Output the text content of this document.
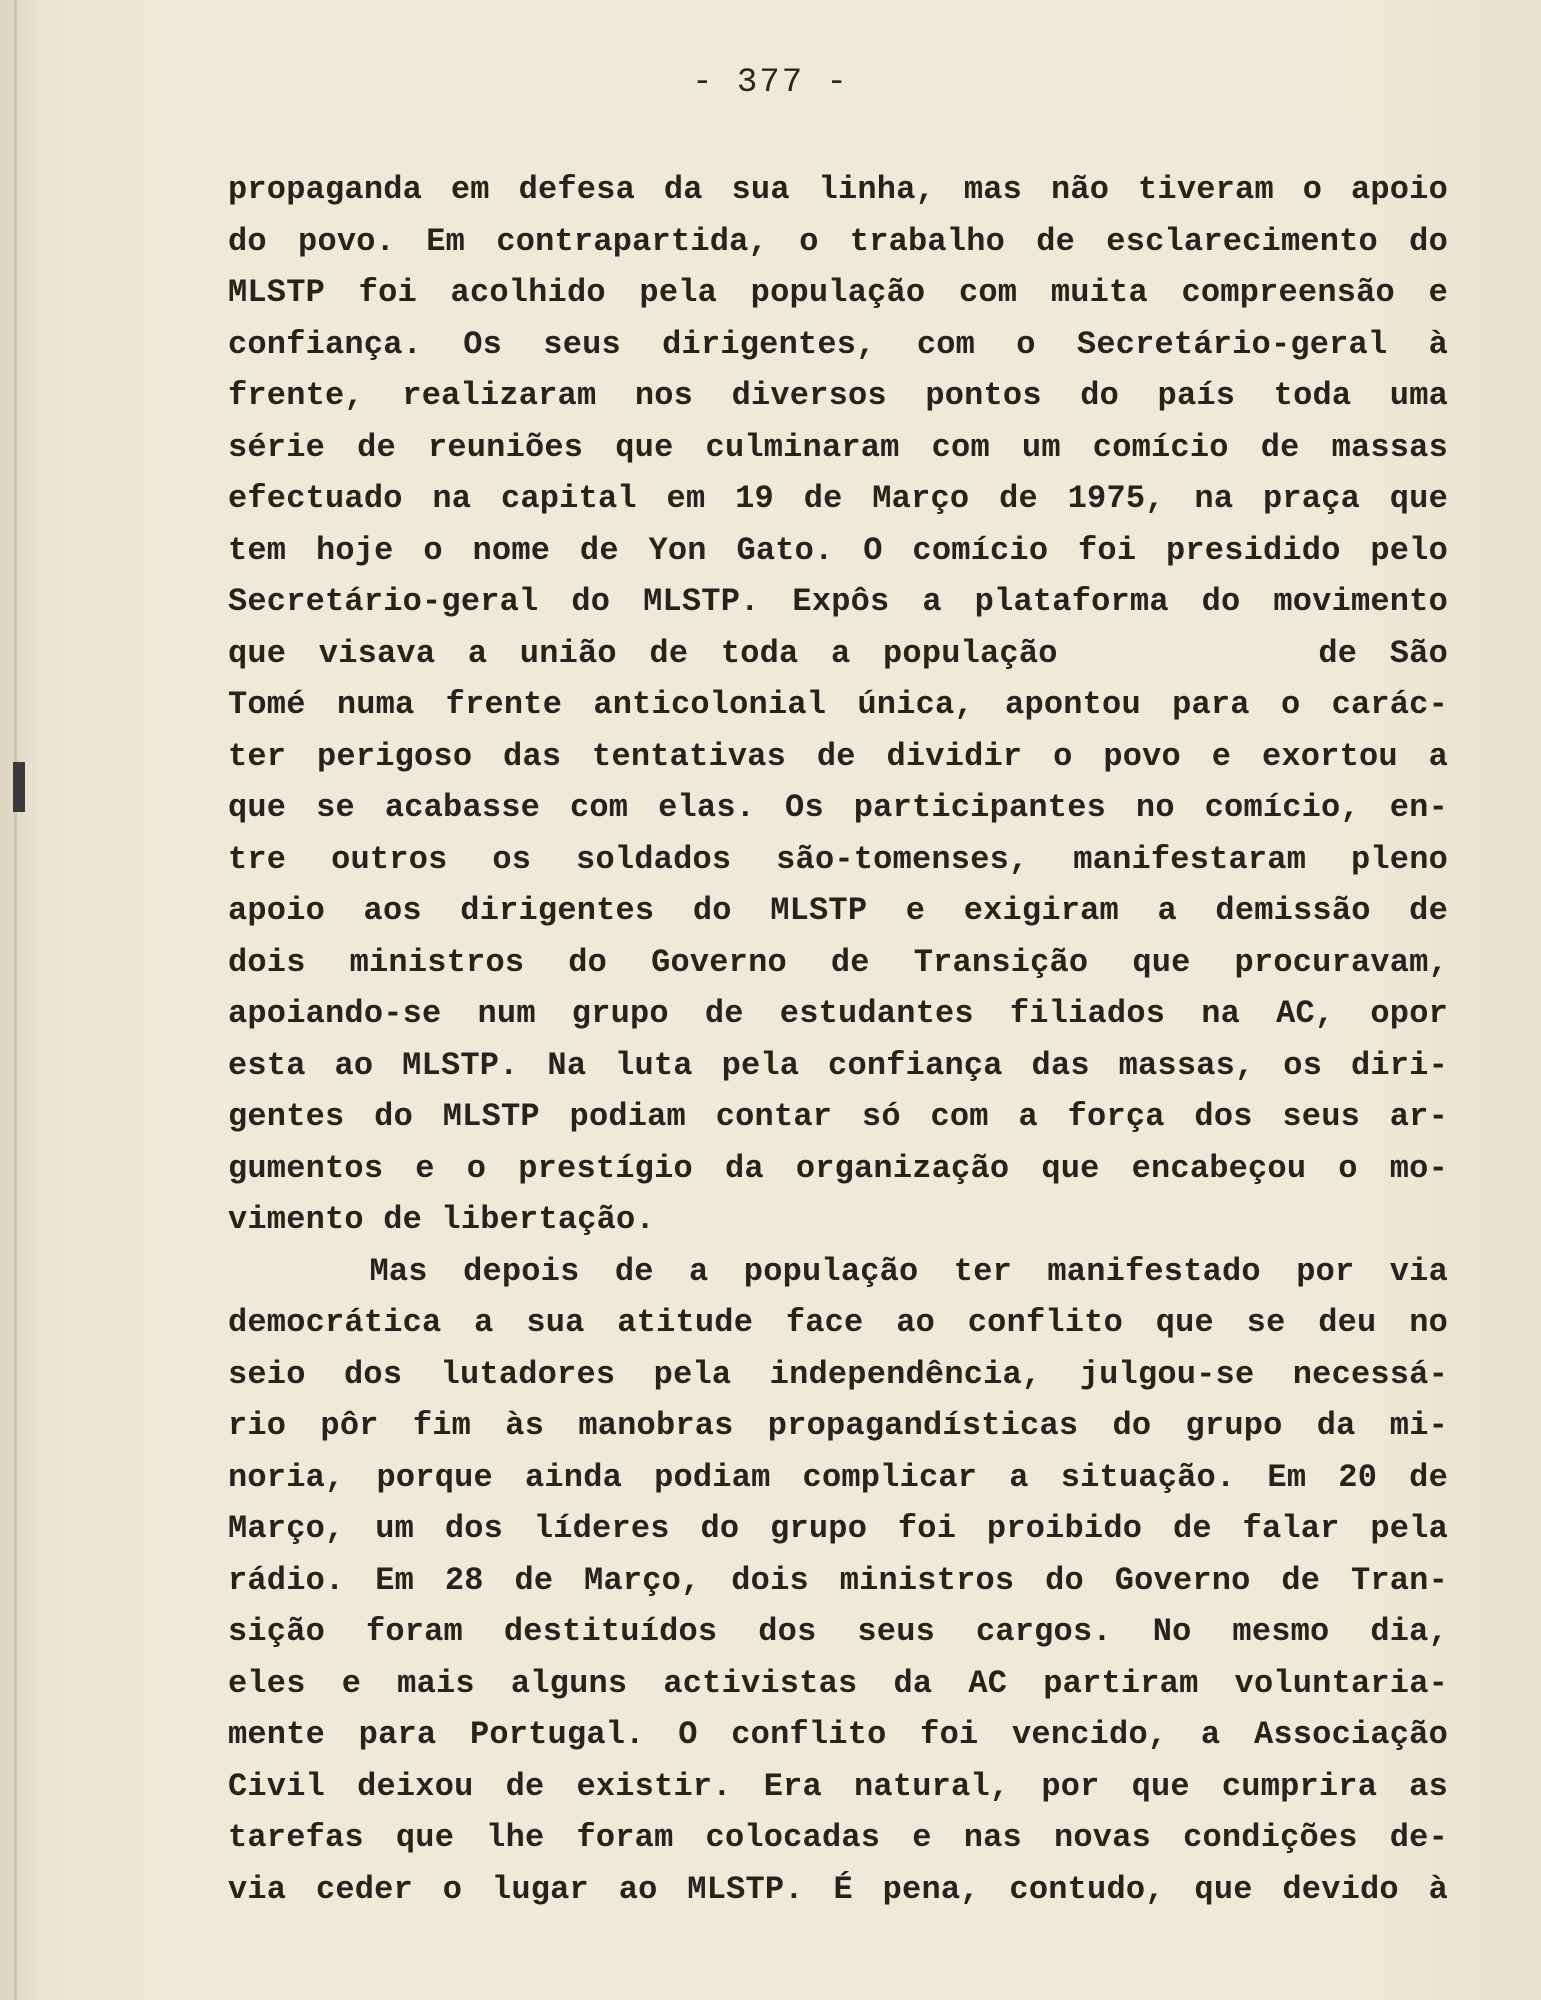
- 377 -
propaganda em defesa da sua linha, mas não tiveram o apoio
do povo. Em contrapartida, o trabalho de esclarecimento do
MLSTP foi acolhido pela população com muita compreensão e
confiança. Os seus dirigentes, com o Secretário-geral à
frente, realizaram nos diversos pontos do país toda uma
série de reuniões que culminaram com um comício de massas
efectuado na capital em 19 de Março de 1975, na praça que
tem hoje o nome de Yon Gato. O comício foi presidido pelo
Secretário-geral do MLSTP. Expôs a plataforma do movimento
que visava a união de toda a população        de São
Tomé numa frente anticolonial única, apontou para o carác-
ter perigoso das tentativas de dividir o povo e exortou a
que se acabasse com elas. Os participantes no comício, en-
tre outros os soldados são-tomenses, manifestaram pleno
apoio aos dirigentes do MLSTP e exigiram a demissão de
dois ministros do Governo de Transição que procuravam,
apoiando-se num grupo de estudantes filiados na AC, opor
esta ao MLSTP. Na luta pela confiança das massas, os diri-
gentes do MLSTP podiam contar só com a força dos seus ar-
gumentos e o prestígio da organização que encabeçou o mo-
vimento de libertação.
Mas depois de a população ter manifestado por via
democrática a sua atitude face ao conflito que se deu no
seio dos lutadores pela independência, julgou-se necessá-
rio pôr fim às manobras propagandísticas do grupo da mi-
noria, porque ainda podiam complicar a situação. Em 20 de
Março, um dos líderes do grupo foi proibido de falar pela
rádio. Em 28 de Março, dois ministros do Governo de Tran-
sição foram destituídos dos seus cargos. No mesmo dia,
eles e mais alguns activistas da AC partiram voluntaria-
mente para Portugal. O conflito foi vencido, a Associação
Civil deixou de existir. Era natural, por que cumprira as
tarefas que lhe foram colocadas e nas novas condições de-
via ceder o lugar ao MLSTP. É pena, contudo, que devido à
